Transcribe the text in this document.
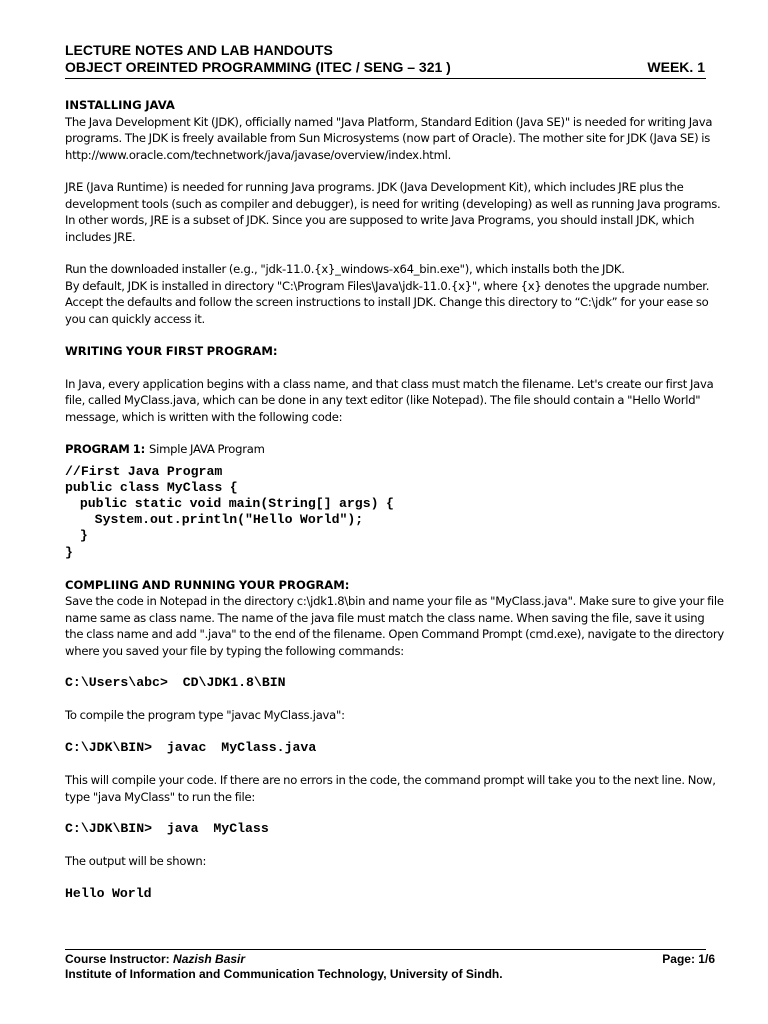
LECTURE NOTES AND LAB HANDOUTS
OBJECT OREINTED PROGRAMMING (ITEC / SENG – 321 )	WEEK. 1

INSTALLING JAVA

The Java Development Kit (JDK), officially named "Java Platform, Standard Edition (Java SE)" is needed for writing Java programs. The JDK is freely available from Sun Microsystems (now part of Oracle). The mother site for JDK (Java SE) is http://www.oracle.com/technetwork/java/javase/overview/index.html.

JRE (Java Runtime) is needed for running Java programs. JDK (Java Development Kit), which includes JRE plus the development tools (such as compiler and debugger), is need for writing (developing) as well as running Java programs. In other words, JRE is a subset of JDK. Since you are supposed to write Java Programs, you should install JDK, which includes JRE.

Run the downloaded installer (e.g., "jdk-11.0.{x}_windows-x64_bin.exe"), which installs both the JDK.

By default, JDK is installed in directory "C:\Program Files\Java\jdk-11.0.{x}", where {x} denotes the upgrade number. Accept the defaults and follow the screen instructions to install JDK. Change this directory to “C:\jdk” for your ease so you can quickly access it.

WRITING YOUR FIRST PROGRAM:

In Java, every application begins with a class name, and that class must match the filename. Let's create our first Java file, called MyClass.java, which can be done in any text editor (like Notepad). The file should contain a "Hello World" message, which is written with the following code:

PROGRAM 1: Simple JAVA Program

//First Java Program
public class MyClass {
public static void main(String[] args) {
System.out.println("Hello World");
}
}

COMPLIING AND RUNNING YOUR PROGRAM:

Save the code in Notepad in the directory c:\jdk1.8\bin and name your file as "MyClass.java". Make sure to give your file name same as class name. The name of the java file must match the class name. When saving the file, save it using the class name and add ".java" to the end of the filename. Open Command Prompt (cmd.exe), navigate to the directory where you saved your file by typing the following commands:

C:\Users\abc>  CD\JDK1.8\BIN

To compile the program type "javac MyClass.java":

C:\JDK\BIN>  javac  MyClass.java

This will compile your code. If there are no errors in the code, the command prompt will take you to the next line. Now, type "java MyClass" to run the file:

C:\JDK\BIN>  java  MyClass

The output will be shown:

Hello World
Course Instructor: Nazish Basir	Page: 1/6
Institute of Information and Communication Technology, University of Sindh.
